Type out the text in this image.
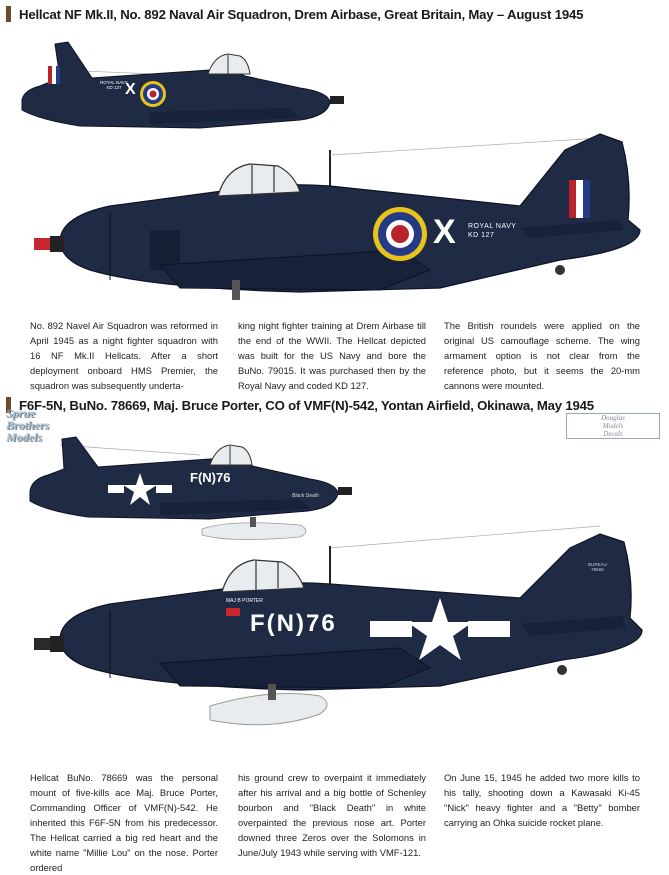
Hellcat NF Mk.II, No. 892 Naval Air Squadron, Drem Airbase, Great Britain, May – August 1945
X
ROYAL NAVY
KD 127
X ROYAL NAVY
KD 127
No. 892 Navel Air Squadron was reformed in April 1945 as a night fighter squadron with 16 NF Mk.II Hellcats. After a short deployment onboard HMS Premier, the squadron was subsequently underta-
king night fighter training at Drem Airbase till the end of the WWII. The Hellcat depicted was built for the US Navy and bore the BuNo. 79015. It was purchased then by the Royal Navy and coded KD 127.
The British roundels were applied on the original US camouflage scheme. The wing armament option is not clear from the reference photo, but it seems the 20-mm cannons were mounted.
F6F-5N, BuNo. 78669, Maj. Bruce Porter, CO of VMF(N)-542, Yontan Airfield, Okinawa, May 1945
Sprue
Brothers
Models
Douglas
Models
Decals
F(N)76
Black Death
F(N)76
MAJ B PORTER
BUREAU
78669
Hellcat BuNo. 78669 was the personal mount of five-kills ace Maj. Bruce Porter, Commanding Officer of VMF(N)-542. He inherited this F6F-5N from his predecessor. The Hellcat carried a big red heart and the white name "Millie Lou" on the nose. Porter ordered
his ground crew to overpaint it immediately after his arrival and a big bottle of Schenley bourbon and "Black Death" in white overpainted the previous nose art. Porter downed three Zeros over the Solomons in June/July 1943 while serving with VMF-121.
On June 15, 1945 he added two more kills to his tally, shooting down a Kawasaki Ki-45 "Nick" heavy fighter and a "Betty" bomber carrying an Ohka suicide rocket plane.
